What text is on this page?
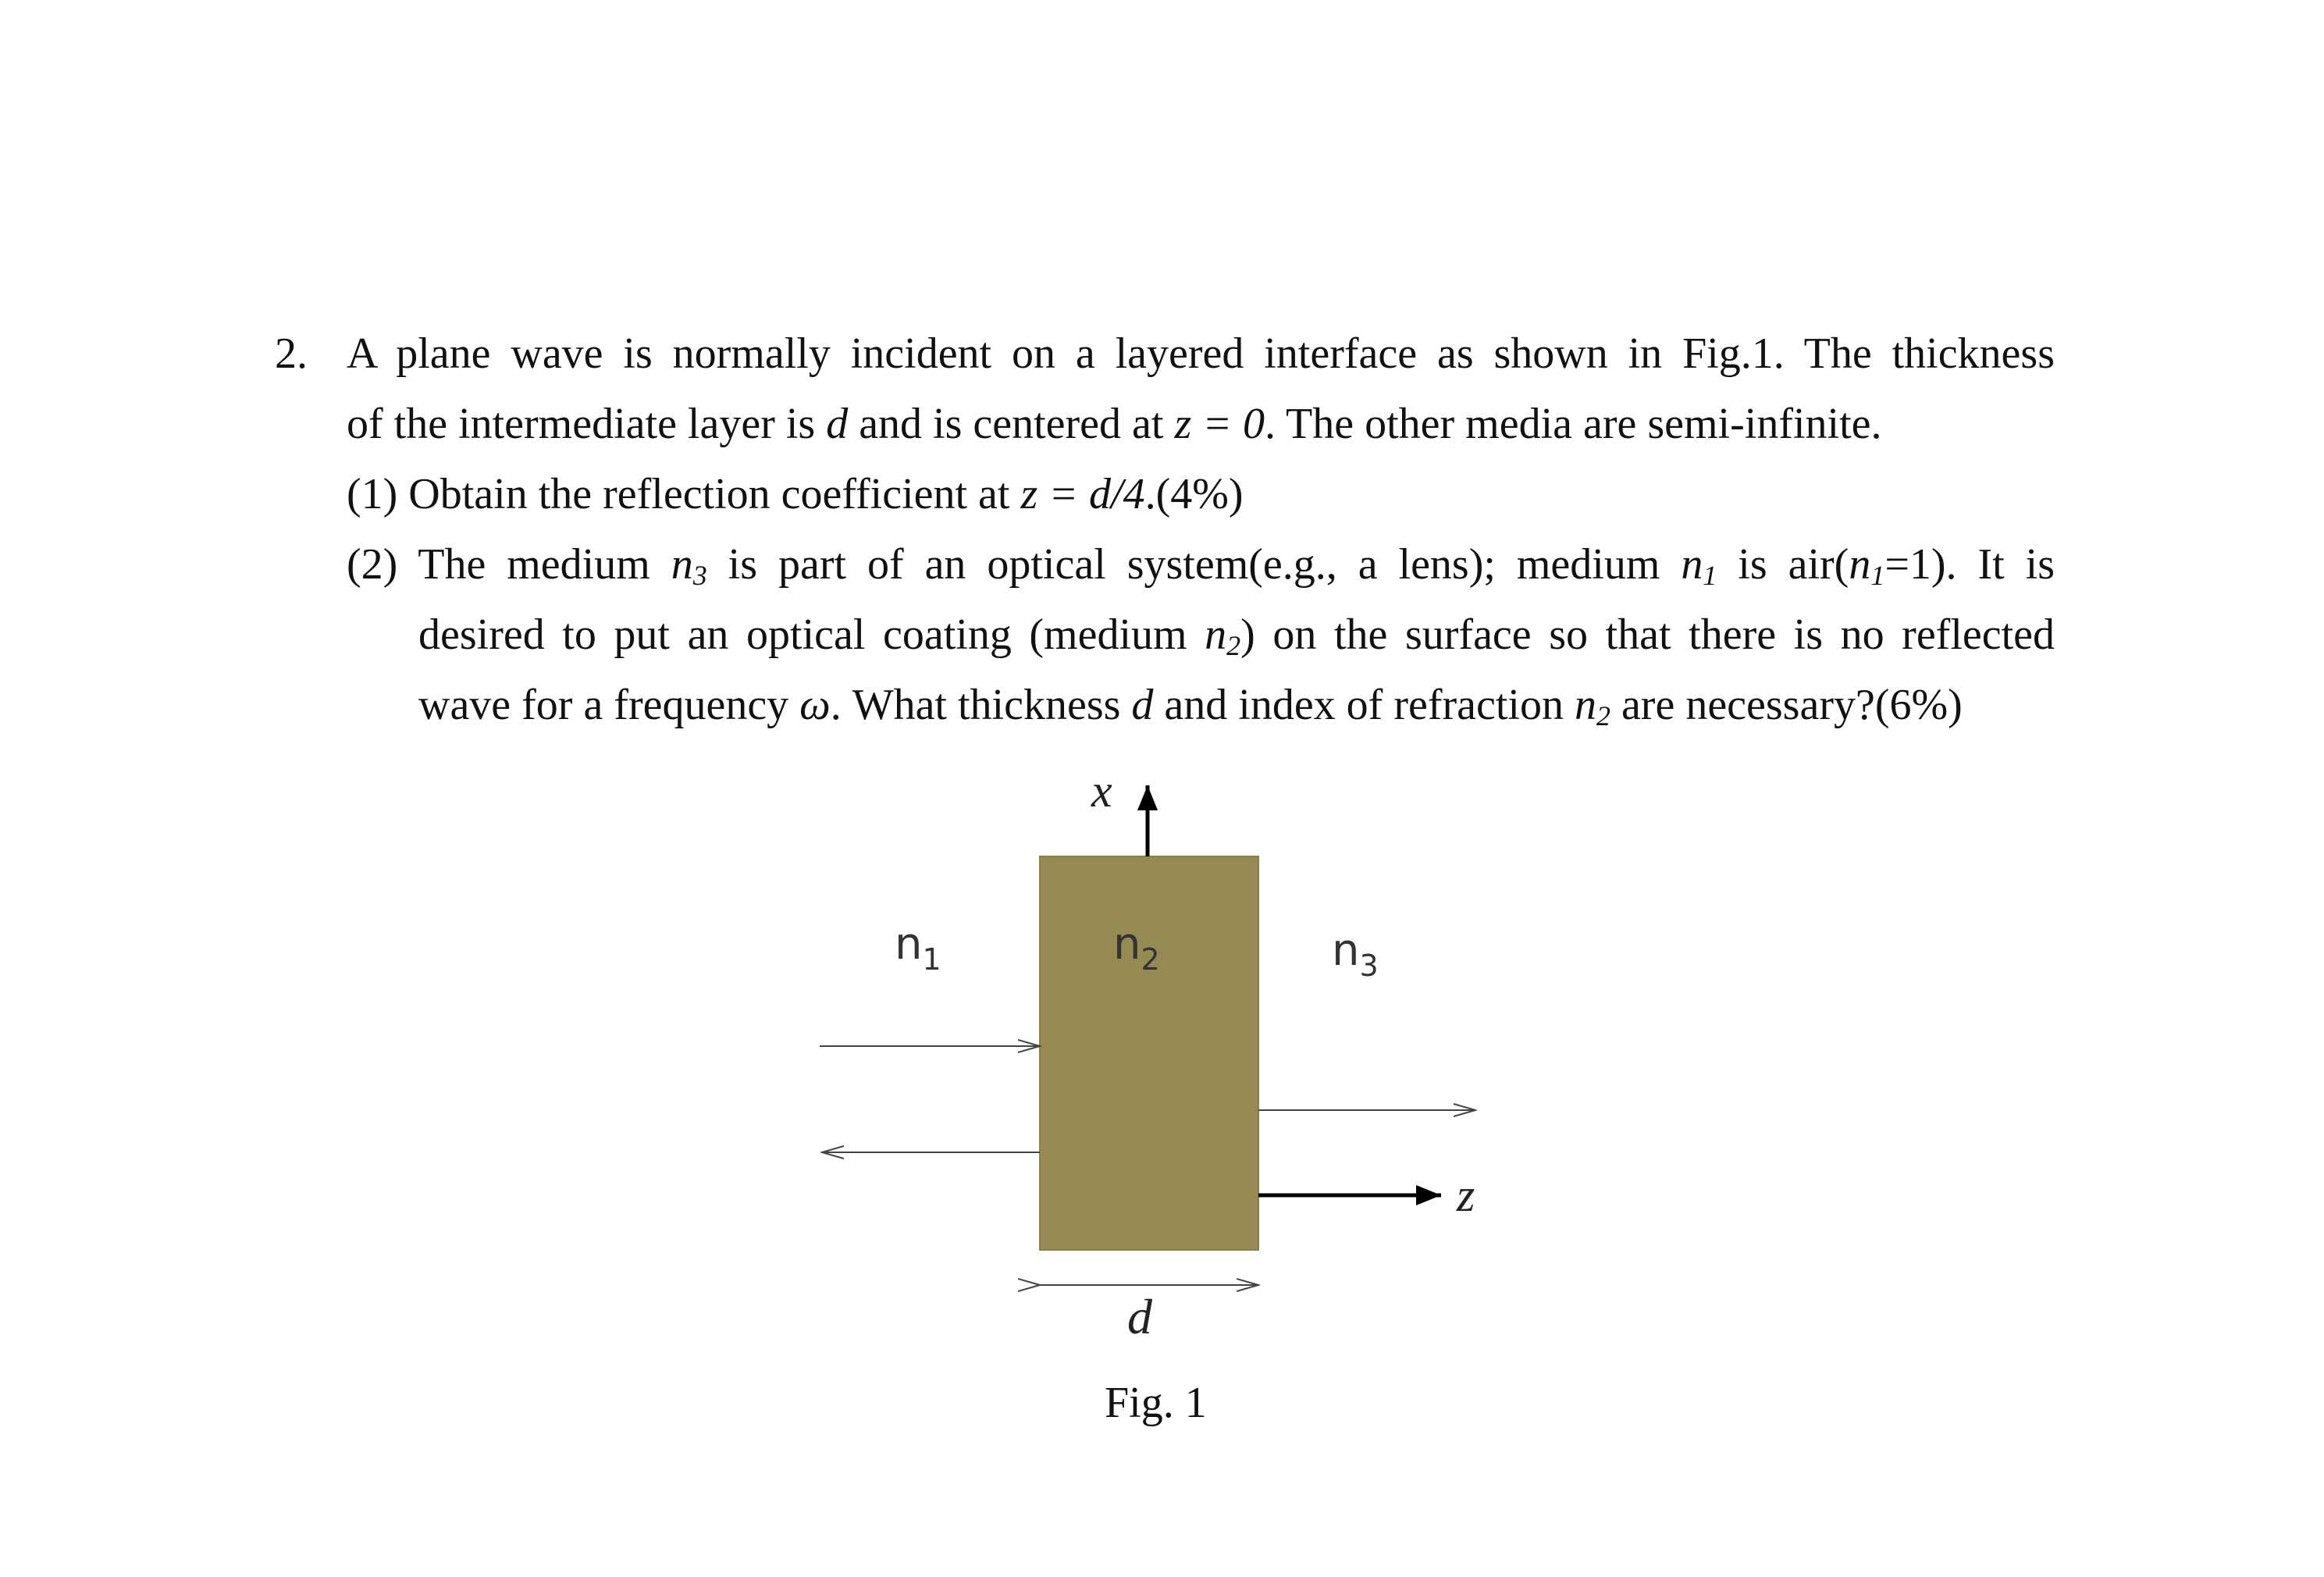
2. A plane wave is normally incident on a layered interface as shown in Fig.1. The thickness
of the intermediate layer is d and is centered at z = 0. The other media are semi-infinite.
(1) Obtain the reflection coefficient at z = d/4.(4%)
(2) The medium $n_3$ is part of an optical system(e.g., a lens); medium $n_1$ is $air(n_1=1)$. It is
desired to put an optical coating (medium $n_2$) on the surface so that there is no reflected
wave for a frequency ω. What thickness d and index of refraction $n_2$ are necessary?(6%)
x
z
d
$n_1$	$n_2$	$n_3$
Fig. 1
